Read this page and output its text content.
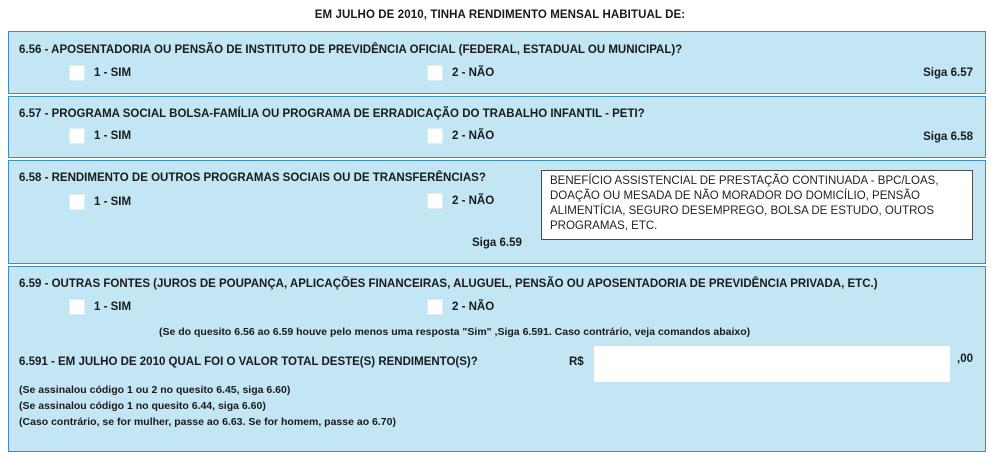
EM JULHO DE 2010, TINHA RENDIMENTO MENSAL HABITUAL DE:
6.56 - APOSENTADORIA OU PENSÃO DE INSTITUTO DE PREVIDÊNCIA OFICIAL (FEDERAL, ESTADUAL OU MUNICIPAL)?
1 - SIM	2 - NÃO	Siga 6.57
6.57 - PROGRAMA SOCIAL BOLSA-FAMÍLIA OU PROGRAMA DE ERRADICAÇÃO DO TRABALHO INFANTIL - PETI?
1 - SIM	2 - NÃO	Siga 6.58
6.58 - RENDIMENTO DE OUTROS PROGRAMAS SOCIAIS OU DE TRANSFERÊNCIAS?
1 - SIM	2 - NÃO
Siga 6.59
BENEFÍCIO ASSISTENCIAL DE PRESTAÇÃO CONTINUADA - BPC/LOAS, DOAÇÃO OU MESADA DE NÃO MORADOR DO DOMICÍLIO, PENSÃO ALIMENTÍCIA, SEGURO DESEMPREGO, BOLSA DE ESTUDO, OUTROS PROGRAMAS, ETC.
6.59 - OUTRAS FONTES (JUROS DE POUPANÇA, APLICAÇÕES FINANCEIRAS, ALUGUEL, PENSÃO OU APOSENTADORIA DE PREVIDÊNCIA PRIVADA, ETC.)
1 - SIM	2 - NÃO
(Se do quesito 6.56 ao 6.59 houve pelo menos uma resposta "Sim" ,Siga 6.591. Caso contrário, veja comandos abaixo)
6.591 - EM JULHO DE 2010 QUAL FOI O VALOR TOTAL DESTE(S) RENDIMENTO(S)?	R$	,00
(Se assinalou código 1 ou 2 no quesito 6.45, siga 6.60)
(Se assinalou código 1 no quesito 6.44, siga 6.60)
(Caso contrário, se for mulher, passe ao 6.63. Se for homem, passe ao 6.70)
